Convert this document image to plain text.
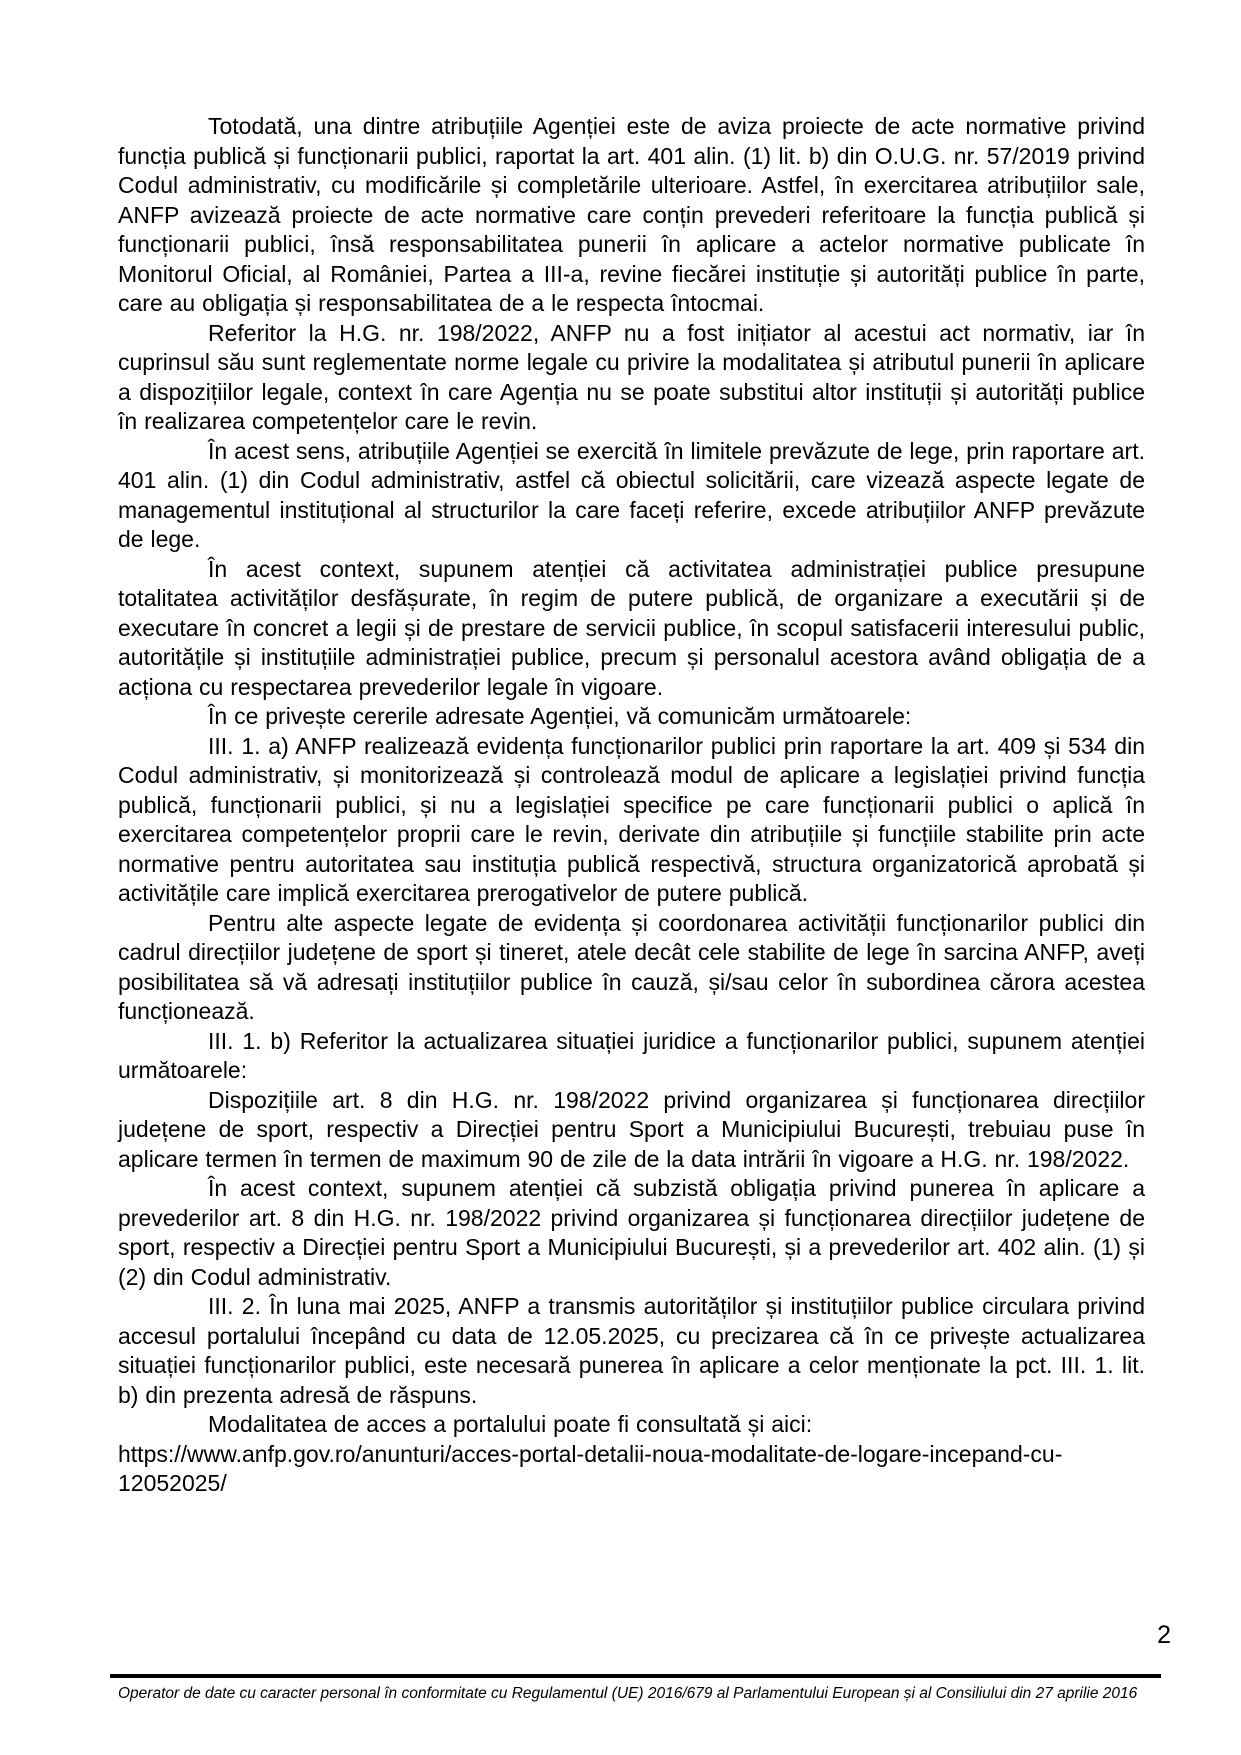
Totodată, una dintre atribuțiile Agenției este de aviza proiecte de acte normative privind funcția publică și funcționarii publici, raportat la art. 401 alin. (1) lit. b) din O.U.G. nr. 57/2019 privind Codul administrativ, cu modificările și completările ulterioare. Astfel, în exercitarea atribuțiilor sale, ANFP avizează proiecte de acte normative care conțin prevederi referitoare la funcția publică și funcționarii publici, însă responsabilitatea punerii în aplicare a actelor normative publicate în Monitorul Oficial, al României, Partea a III-a, revine fiecărei instituție și autorități publice în parte, care au obligația și responsabilitatea de a le respecta întocmai.

Referitor la H.G. nr. 198/2022, ANFP nu a fost inițiator al acestui act normativ, iar în cuprinsul său sunt reglementate norme legale cu privire la modalitatea și atributul punerii în aplicare a dispozițiilor legale, context în care Agenția nu se poate substitui altor instituții și autorități publice în realizarea competențelor care le revin.

În acest sens, atribuțiile Agenției se exercită în limitele prevăzute de lege, prin raportare art. 401 alin. (1) din Codul administrativ, astfel că obiectul solicitării, care vizează aspecte legate de managementul instituțional al structurilor la care faceți referire, excede atribuțiilor ANFP prevăzute de lege.

În acest context, supunem atenției că activitatea administrației publice presupune totalitatea activităților desfășurate, în regim de putere publică, de organizare a executării și de executare în concret a legii și de prestare de servicii publice, în scopul satisfacerii interesului public, autoritățile și instituțiile administrației publice, precum și personalul acestora având obligația de a acționa cu respectarea prevederilor legale în vigoare.

În ce privește cererile adresate Agenției, vă comunicăm următoarele:

III. 1. a) ANFP realizează evidența funcționarilor publici prin raportare la art. 409 și 534 din Codul administrativ, și monitorizează și controlează modul de aplicare a legislației privind funcția publică, funcționarii publici, și nu a legislației specifice pe care funcționarii publici o aplică în exercitarea competențelor proprii care le revin, derivate din atribuțiile și funcțiile stabilite prin acte normative pentru autoritatea sau instituția publică respectivă, structura organizatorică aprobată și activitățile care implică exercitarea prerogativelor de putere publică.

Pentru alte aspecte legate de evidența și coordonarea activității funcționarilor publici din cadrul direcțiilor județene de sport și tineret, atele decât cele stabilite de lege în sarcina ANFP, aveți posibilitatea să vă adresați instituțiilor publice în cauză, și/sau celor în subordinea cărora acestea funcționează.

III. 1. b) Referitor la actualizarea situației juridice a funcționarilor publici, supunem atenției următoarele:

Dispozițiile art. 8 din H.G. nr. 198/2022 privind organizarea și funcționarea direcțiilor județene de sport, respectiv a Direcției pentru Sport a Municipiului București, trebuiau puse în aplicare termen în termen de maximum 90 de zile de la data intrării în vigoare a H.G. nr. 198/2022.

În acest context, supunem atenției că subzistă obligația privind punerea în aplicare a prevederilor art. 8 din H.G. nr. 198/2022 privind organizarea și funcționarea direcțiilor județene de sport, respectiv a Direcției pentru Sport a Municipiului București, și a prevederilor art. 402 alin. (1) și (2) din Codul administrativ.

III. 2. În luna mai 2025, ANFP a transmis autorităților și instituțiilor publice circulara privind accesul portalului începând cu data de 12.05.2025, cu precizarea că în ce privește actualizarea situației funcționarilor publici, este necesară punerea în aplicare a celor menționate la pct. III. 1. lit. b) din prezenta adresă de răspuns.

Modalitatea de acces a portalului poate fi consultată și aici:

https://www.anfp.gov.ro/anunturi/acces-portal-detalii-noua-modalitate-de-logare-incepand-cu-12052025/

2
Operator de date cu caracter personal în conformitate cu Regulamentul (UE) 2016/679 al Parlamentului European și al Consiliului din 27 aprilie 2016
